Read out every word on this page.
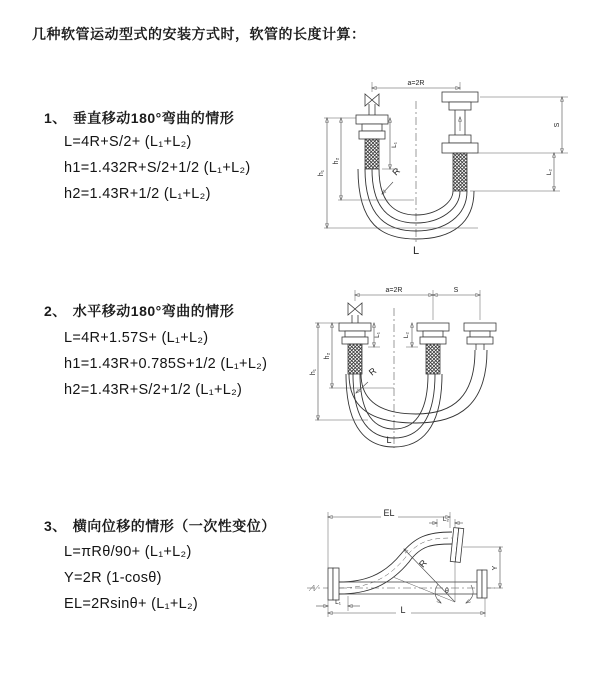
几种软管运动型式的安装方式时，软管的长度计算：
1、 垂直移动180°弯曲的情形
L=4R+S/2+ (L₁+L₂)
h1=1.432R+S/2+1/2 (L₁+L₂)
h2=1.43R+1/2 (L₁+L₂)
2、 水平移动180°弯曲的情形
L=4R+1.57S+ (L₁+L₂)
h1=1.43R+0.785S+1/2 (L₁+L₂)
h2=1.43R+S/2+1/2 (L₁+L₂)
3、 横向位移的情形（一次性变位）
L=πRθ/90+ (L₁+L₂)
Y=2R (1-cosθ)
EL=2Rsinθ+ (L₁+L₂)
a=2R
R
h₁
h₂
L₁
S
L₂
L
a=2R	S
R
h₁
h₂
L₁	L₂
L
EL
L₂
Y
R
θ
L
L₁
